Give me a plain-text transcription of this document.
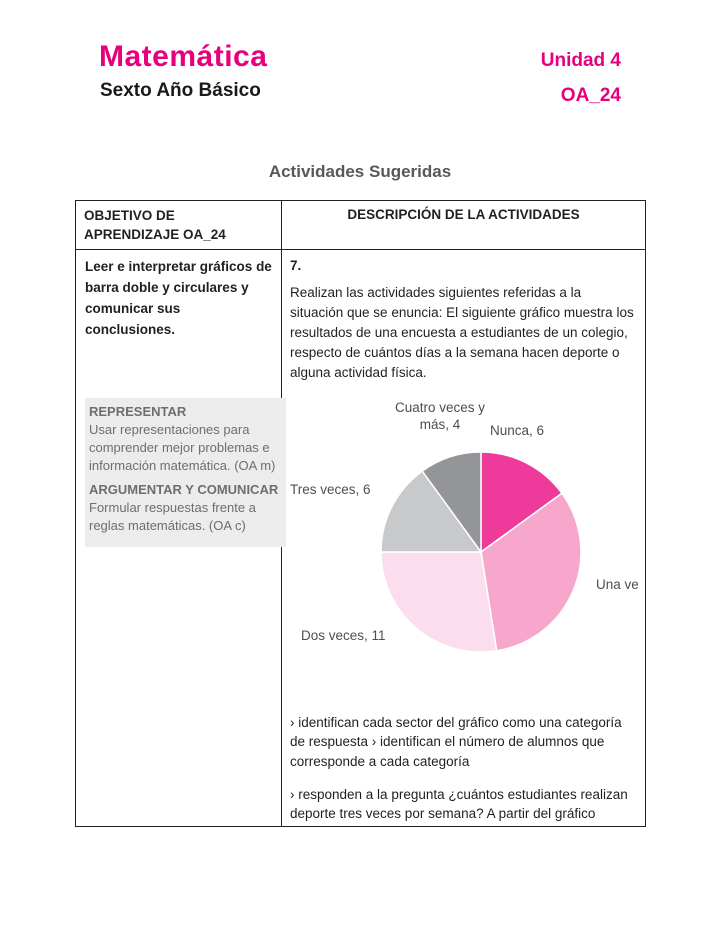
Matemática
Sexto Año Básico
Unidad 4
OA_24
Actividades Sugeridas
OBJETIVO DE APRENDIZAJE OA_24
DESCRIPCIÓN DE LA ACTIVIDADES
Leer e interpretar gráficos de barra doble y circulares y comunicar sus conclusiones.
REPRESENTAR
Usar representaciones para comprender mejor problemas e información matemática. (OA m)
ARGUMENTAR Y COMUNICAR
Formular respuestas frente a reglas matemáticas. (OA c)
7.
Realizan las actividades siguientes referidas a la situación que se enuncia: El siguiente gráfico muestra los resultados de una encuesta a estudiantes de un colegio, respecto de cuántos días a la semana hacen deporte o alguna actividad física.
Cuatro veces y más, 4	Nunca, 6
Tres veces, 6
Una ve
Dos veces, 11
› identifican cada sector del gráfico como una categoría de respuesta › identifican el número de alumnos que corresponde a cada categoría
› responden a la pregunta ¿cuántos estudiantes realizan deporte tres veces por semana? A partir del gráfico
